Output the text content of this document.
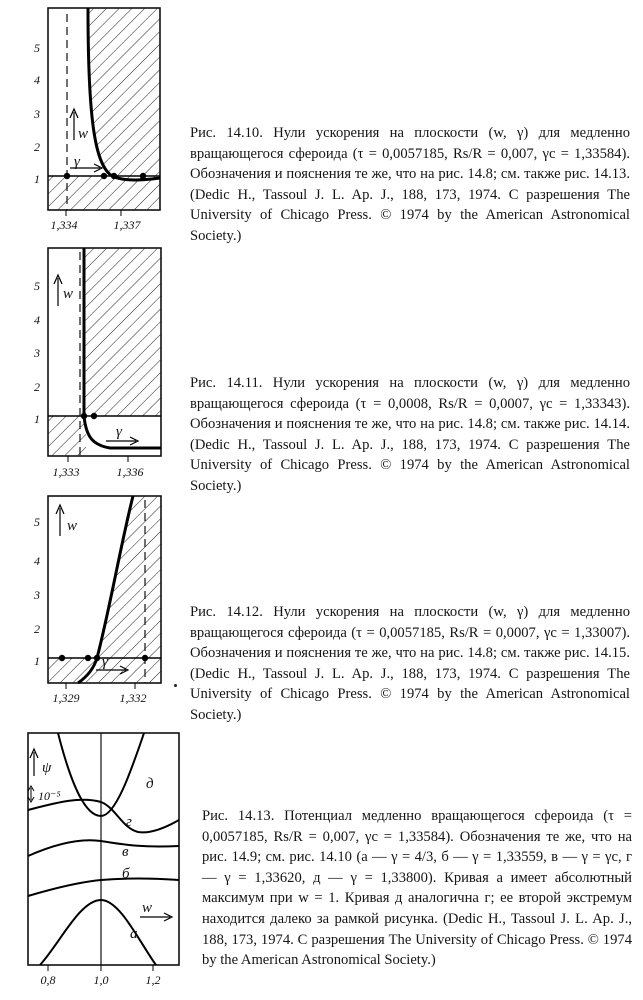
5
4
3
2
1
1,334	1,337
w
γ
Рис. 14.10. Нули ускорения на плоскости (w, γ) для медленно вращающегося сфероида (τ = 0,0057185, Rs/R = 0,007, γc = 1,33584). Обозначения и пояснения те же, что на рис. 14.8; см. также рис. 14.13. (Dedic H., Tassoul J. L. Ap. J., 188, 173, 1974. С разрешения The University of Chicago Press. © 1974 by the American Astronomical Society.)
5
4
3
2
1
1,333	1,336
w
γ
Рис. 14.11. Нули ускорения на плоскости (w, γ) для медленно вращающегося сфероида (τ = 0,0008, Rs/R = 0,0007, γc = 1,33343). Обозначения и пояснения те же, что на рис. 14.8; см. также рис. 14.14. (Dedic H., Tassoul J. L. Ap. J., 188, 173, 1974. С разрешения The University of Chicago Press. © 1974 by the American Astronomical Society.)
5
4
3
2
1
1,329	1,332
w
γ
Рис. 14.12. Нули ускорения на плоскости (w, γ) для медленно вращающегося сфероида (τ = 0,0057185, Rs/R = 0,0007, γc = 1,33007). Обозначения и пояснения те же, что на рис. 14.8; см. также рис. 14.15. (Dedic H., Tassoul J. L. Ap. J., 188, 173, 1974. С разрешения The University of Chicago Press. © 1974 by the American Astronomical Society.)
ψ
10⁻⁵
w
д
г
в
б
а
0,8	1,0	1,2
Рис. 14.13. Потенциал медленно вращающегося сфероида (τ = 0,0057185, Rs/R = 0,007, γc = 1,33584). Обозначения те же, что на рис. 14.9; см. рис. 14.10 (а — γ = 4/3, б — γ = 1,33559, в — γ = γc, г — γ = 1,33620, д — γ = 1,33800). Кривая а имеет абсолютный максимум при w = 1. Кривая д аналогична г; ее второй экстремум находится далеко за рамкой рисунка. (Dedic H., Tassoul J. L. Ap. J., 188, 173, 1974. С разрешения The University of Chicago Press. © 1974 by the American Astronomical Society.)
